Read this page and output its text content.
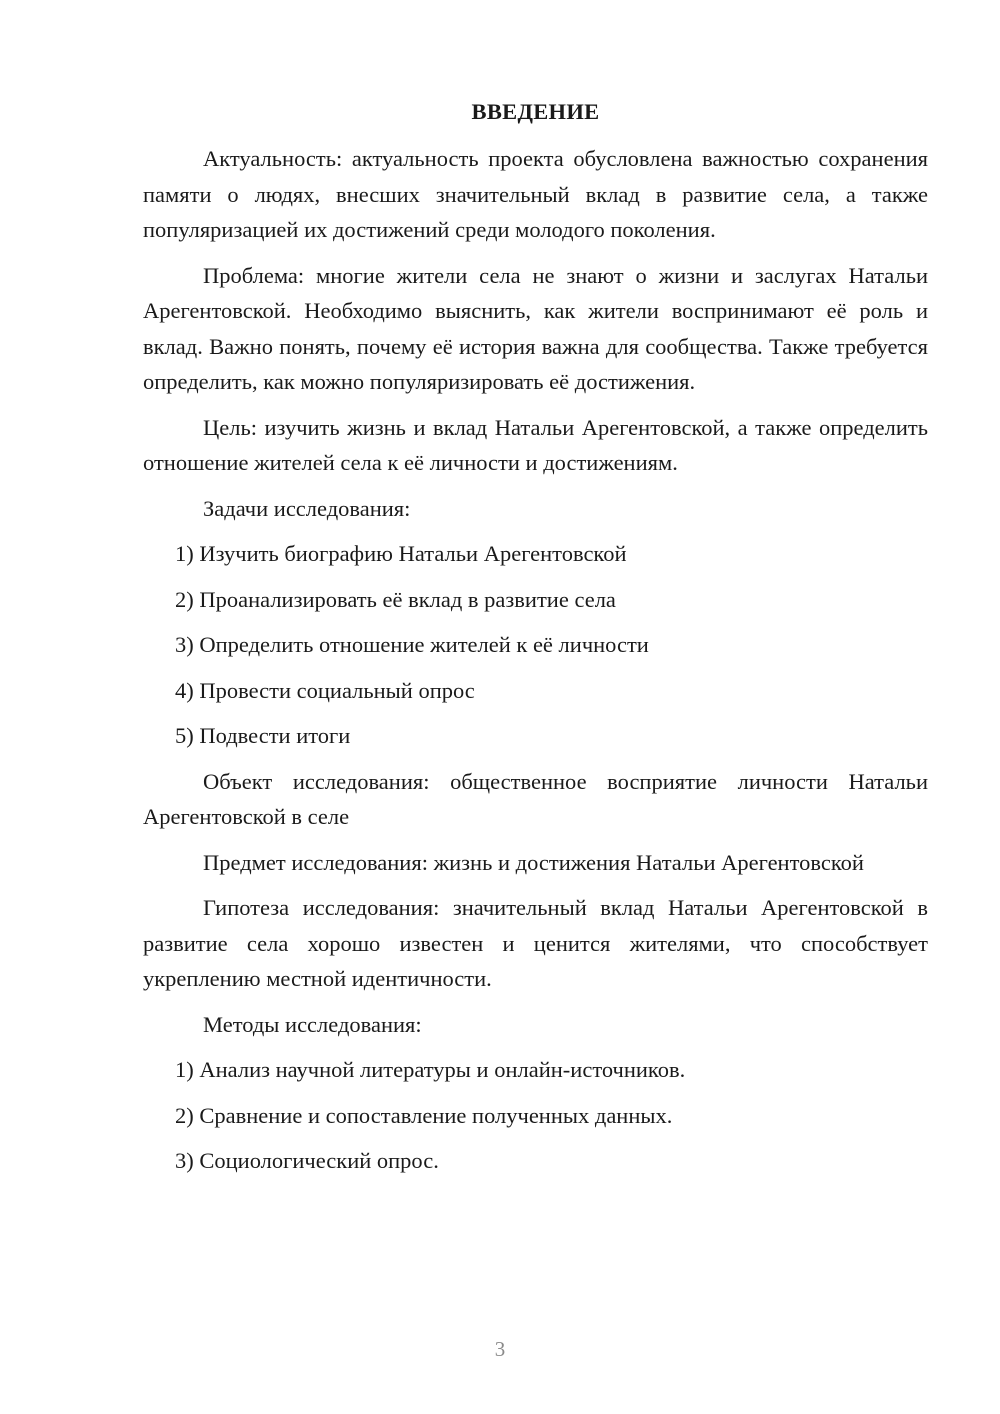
ВВЕДЕНИЕ

Актуальность: актуальность проекта обусловлена важностью сохранения памяти о людях, внесших значительный вклад в развитие села, а также популяризацией их достижений среди молодого поколения.

Проблема: многие жители села не знают о жизни и заслугах Натальи Арегентовской. Необходимо выяснить, как жители воспринимают её роль и вклад. Важно понять, почему её история важна для сообщества. Также требуется определить, как можно популяризировать её достижения.

Цель: изучить жизнь и вклад Натальи Арегентовской, а также определить отношение жителей села к её личности и достижениям.

Задачи исследования:

1) Изучить биографию Натальи Арегентовской
2) Проанализировать её вклад в развитие села
3) Определить отношение жителей к её личности
4) Провести социальный опрос
5) Подвести итоги

Объект исследования: общественное восприятие личности Натальи Арегентовской в селе

Предмет исследования: жизнь и достижения Натальи Арегентовской

Гипотеза исследования: значительный вклад Натальи Арегентовской в развитие села хорошо известен и ценится жителями, что способствует укреплению местной идентичности.

Методы исследования:

1) Анализ научной литературы и онлайн-источников.
2) Сравнение и сопоставление полученных данных.
3) Социологический опрос.
3
